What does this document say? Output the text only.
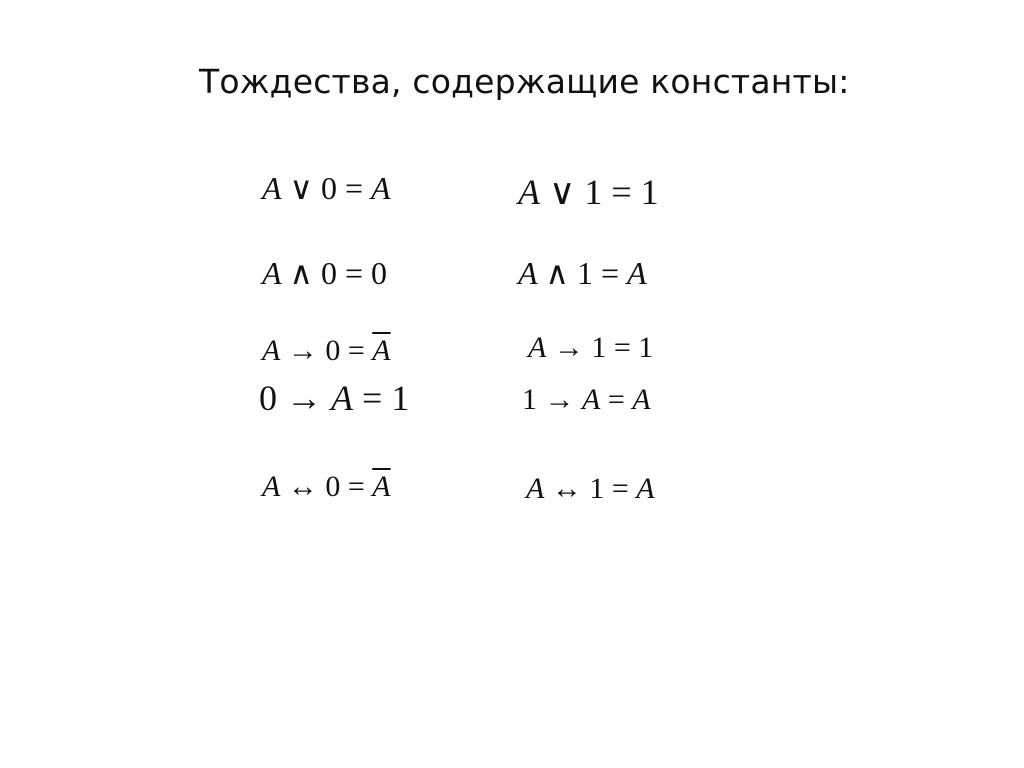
Тождества, содержащие константы:
A ∨ 0 = A	A ∨ 1 = 1
A ∧ 0 = 0	A ∧ 1 = A
$A \to 0 = \overline{A}$	A → 1 = 1
0 → A = 1	1 → A = A
A ↔ $0 = \overline{A}$	A ↔ 1 = A
